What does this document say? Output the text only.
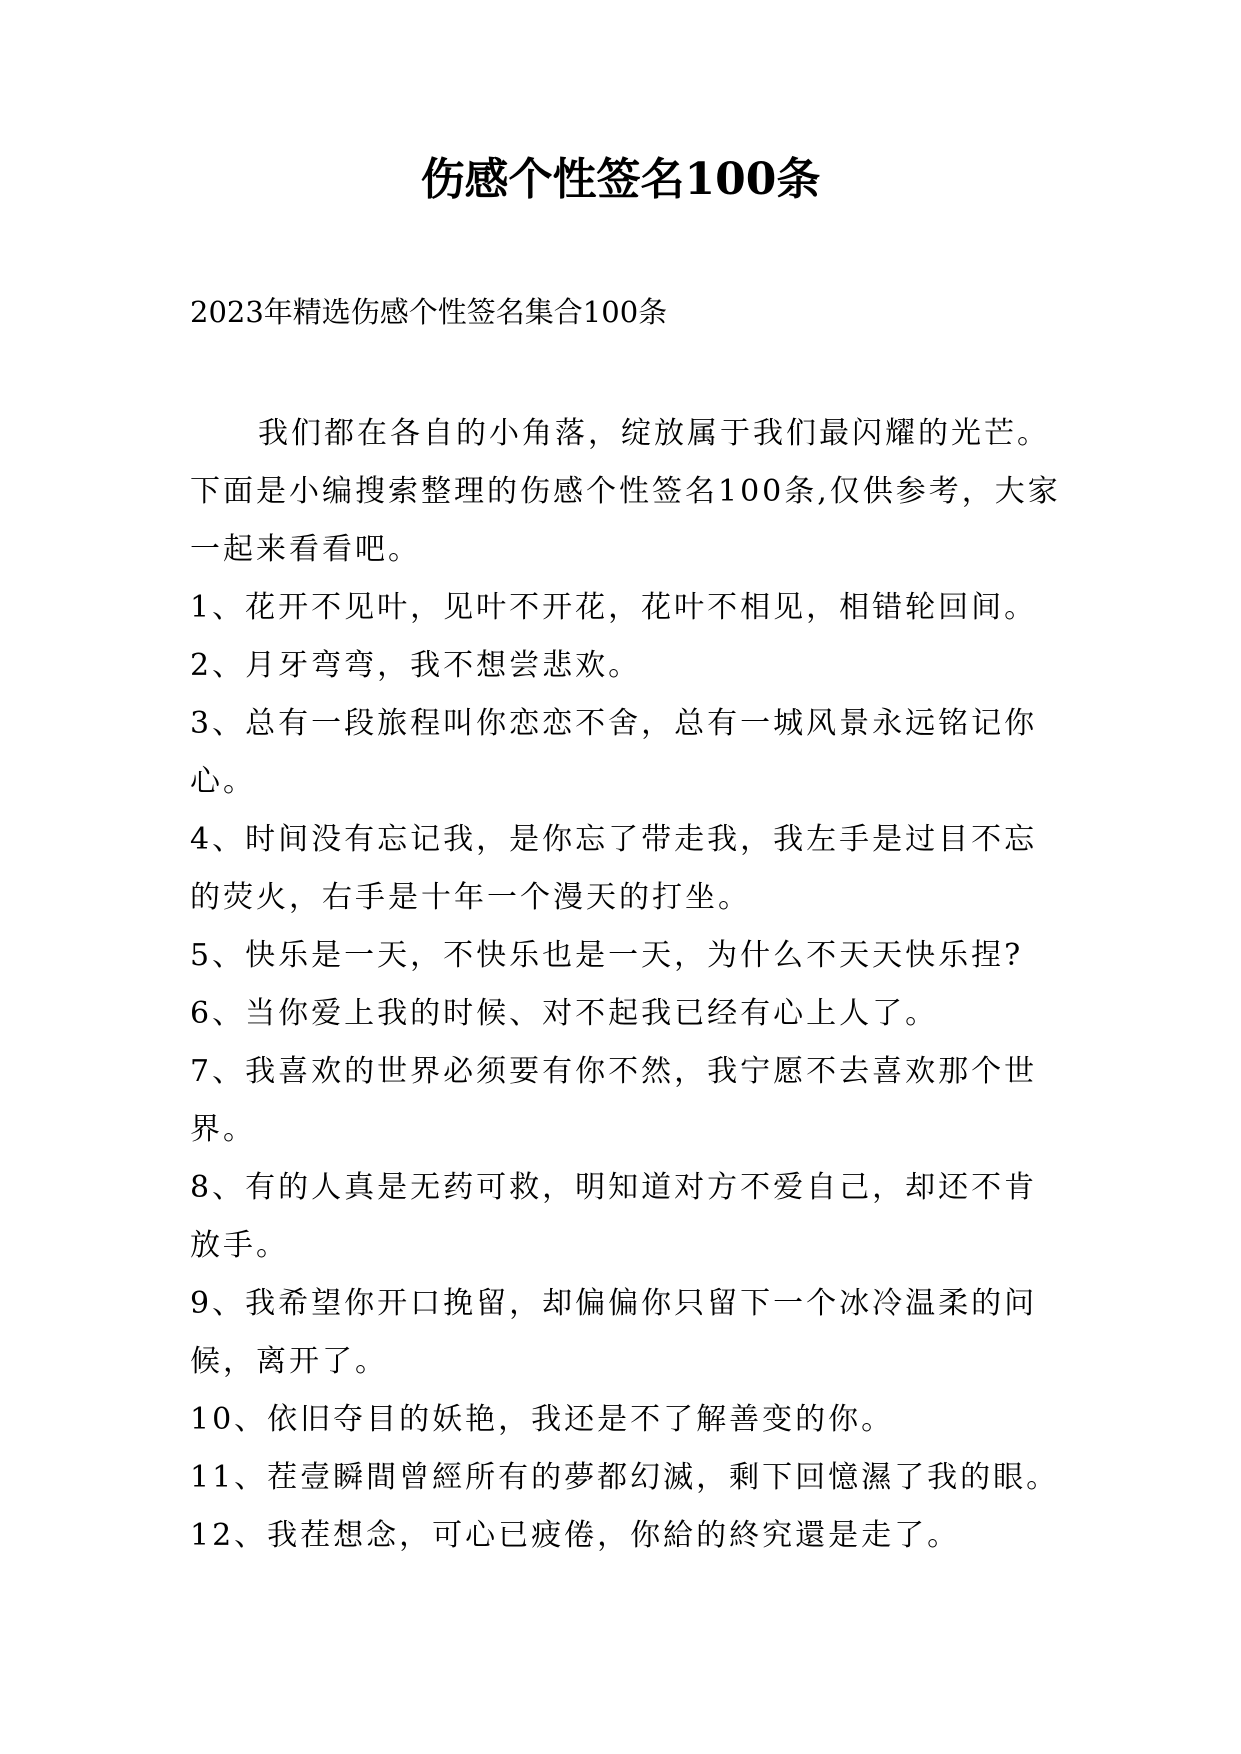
伤感个性签名100条

2023年精选伤感个性签名集合100条

我们都在各自的小角落，绽放属于我们最闪耀的光芒。下面是小编搜索整理的伤感个性签名100条,仅供参考，大家一起来看看吧。

1、花开不见叶，见叶不开花，花叶不相见，相错轮回间。

2、月牙弯弯，我不想尝悲欢。

3、总有一段旅程叫你恋恋不舍，总有一城风景永远铭记你心。

4、时间没有忘记我，是你忘了带走我，我左手是过目不忘的荧火，右手是十年一个漫天的打坐。

5、快乐是一天，不快乐也是一天，为什么不天天快乐捏?

6、当你爱上我的时候、对不起我已经有心上人了。

7、我喜欢的世界必须要有你不然，我宁愿不去喜欢那个世界。

8、有的人真是无药可救，明知道对方不爱自己，却还不肯放手。

9、我希望你开口挽留，却偏偏你只留下一个冰冷温柔的问候，离开了。

10、依旧夺目的妖艳，我还是不了解善变的你。

11、茬壹瞬間曾經所有的夢都幻滅，剩下回憶濕了我的眼。

12、我茬想念，可心已疲倦，你給的終究還是走了。
